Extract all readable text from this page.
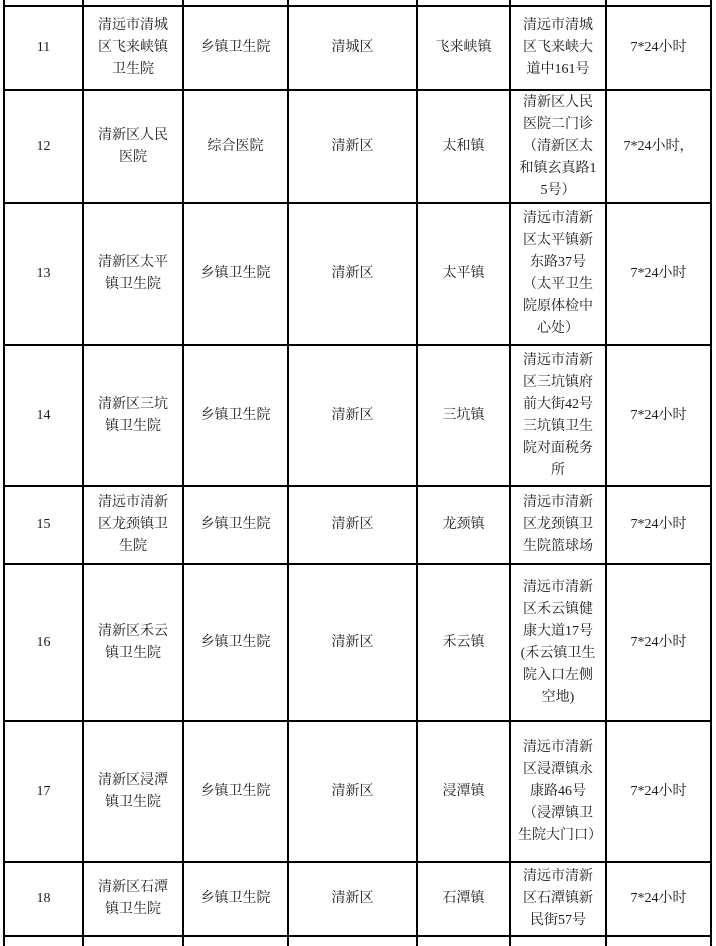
11	清远市清城区飞来峡镇卫生院	乡镇卫生院	清城区	飞来峡镇	清远市清城区飞来峡大道中161号	7*24小时
12	清新区人民医院	综合医院	清新区	太和镇	清新区人民医院二门诊（清新区太和镇玄真路15号）	7*24小时，
13	清新区太平镇卫生院	乡镇卫生院	清新区	太平镇	清远市清新区太平镇新东路37号（太平卫生院原体检中心处）	7*24小时
14	清新区三坑镇卫生院	乡镇卫生院	清新区	三坑镇	清远市清新区三坑镇府前大街42号三坑镇卫生院对面税务所	7*24小时
15	清远市清新区龙颈镇卫生院	乡镇卫生院	清新区	龙颈镇	清远市清新区龙颈镇卫生院篮球场	7*24小时
16	清新区禾云镇卫生院	乡镇卫生院	清新区	禾云镇	清远市清新区禾云镇健康大道17号(禾云镇卫生院入口左侧空地)	7*24小时
17	清新区浸潭镇卫生院	乡镇卫生院	清新区	浸潭镇	清远市清新区浸潭镇永康路46号（浸潭镇卫生院大门口）	7*24小时
18	清新区石潭镇卫生院	乡镇卫生院	清新区	石潭镇	清远市清新区石潭镇新民街57号	7*24小时
